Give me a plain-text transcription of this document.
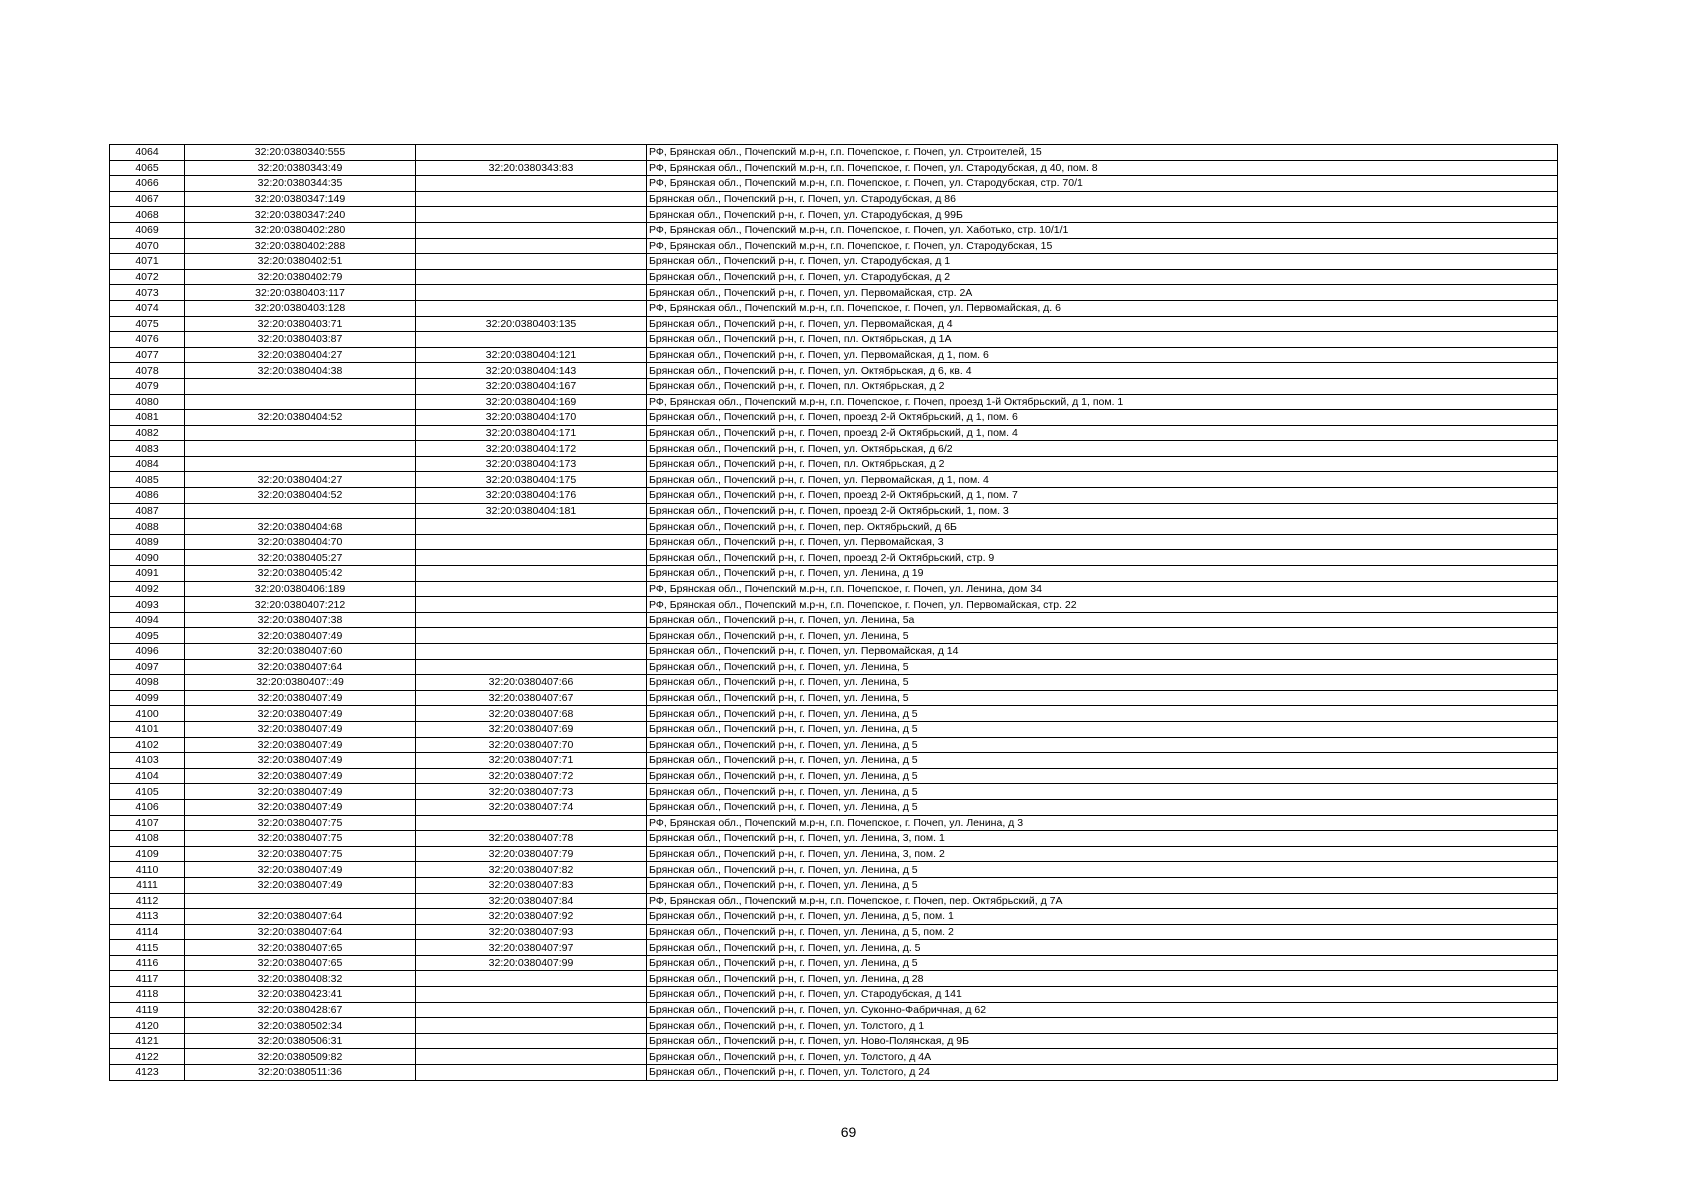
4064	32:20:0380340:555		РФ, Брянская обл., Почепский м.р-н, г.п. Почепское, г. Почеп, ул. Строителей, 15
4065	32:20:0380343:49	32:20:0380343:83	РФ, Брянская обл., Почепский м.р-н, г.п. Почепское, г. Почеп, ул. Стародубская, д 40, пом. 8
4066	32:20:0380344:35		РФ, Брянская обл., Почепский м.р-н, г.п. Почепское, г. Почеп, ул. Стародубская, стр. 70/1
4067	32:20:0380347:149		Брянская обл., Почепский р-н, г. Почеп, ул. Стародубская, д 86
4068	32:20:0380347:240		Брянская обл., Почепский р-н, г. Почеп, ул. Стародубская, д 99Б
4069	32:20:0380402:280		РФ, Брянская обл., Почепский м.р-н, г.п. Почепское, г. Почеп, ул. Хаботько, стр. 10/1/1
4070	32:20:0380402:288		РФ, Брянская обл., Почепский м.р-н, г.п. Почепское, г. Почеп, ул. Стародубская, 15
4071	32:20:0380402:51		Брянская обл., Почепский р-н, г. Почеп, ул. Стародубская, д 1
4072	32:20:0380402:79		Брянская обл., Почепский р-н, г. Почеп, ул. Стародубская, д 2
4073	32:20:0380403:117		Брянская обл., Почепский р-н, г. Почеп, ул. Первомайская, стр. 2А
4074	32:20:0380403:128		РФ, Брянская обл., Почепский м.р-н, г.п. Почепское, г. Почеп, ул. Первомайская, д. 6
4075	32:20:0380403:71	32:20:0380403:135	Брянская обл., Почепский р-н, г. Почеп, ул. Первомайская, д 4
4076	32:20:0380403:87		Брянская обл., Почепский р-н, г. Почеп, пл. Октябрьская, д 1А
4077	32:20:0380404:27	32:20:0380404:121	Брянская обл., Почепский р-н, г. Почеп, ул. Первомайская, д 1, пом. 6
4078	32:20:0380404:38	32:20:0380404:143	Брянская обл., Почепский р-н, г. Почеп, ул. Октябрьская, д 6, кв. 4
4079		32:20:0380404:167	Брянская обл., Почепский р-н, г. Почеп, пл. Октябрьская, д 2
4080		32:20:0380404:169	РФ, Брянская обл., Почепский м.р-н, г.п. Почепское, г. Почеп, проезд 1-й Октябрьский, д 1, пом. 1
4081	32:20:0380404:52	32:20:0380404:170	Брянская обл., Почепский р-н, г. Почеп, проезд 2-й Октябрьский, д 1, пом. 6
4082		32:20:0380404:171	Брянская обл., Почепский р-н, г. Почеп, проезд 2-й Октябрьский, д 1, пом. 4
4083		32:20:0380404:172	Брянская обл., Почепский р-н, г. Почеп, ул. Октябрьская, д 6/2
4084		32:20:0380404:173	Брянская обл., Почепский р-н, г. Почеп, пл. Октябрьская, д 2
4085	32:20:0380404:27	32:20:0380404:175	Брянская обл., Почепский р-н, г. Почеп, ул. Первомайская, д 1, пом. 4
4086	32:20:0380404:52	32:20:0380404:176	Брянская обл., Почепский р-н, г. Почеп, проезд 2-й Октябрьский, д 1, пом. 7
4087		32:20:0380404:181	Брянская обл., Почепский р-н, г. Почеп, проезд 2-й Октябрьский, 1, пом. 3
4088	32:20:0380404:68		Брянская обл., Почепский р-н, г. Почеп, пер. Октябрьский, д 6Б
4089	32:20:0380404:70		Брянская обл., Почепский р-н, г. Почеп, ул. Первомайская, 3
4090	32:20:0380405:27		Брянская обл., Почепский р-н, г. Почеп, проезд 2-й Октябрьский, стр. 9
4091	32:20:0380405:42		Брянская обл., Почепский р-н, г. Почеп, ул. Ленина, д 19
4092	32:20:0380406:189		РФ, Брянская обл., Почепский м.р-н, г.п. Почепское, г. Почеп, ул. Ленина, дом 34
4093	32:20:0380407:212		РФ, Брянская обл., Почепский м.р-н, г.п. Почепское, г. Почеп, ул. Первомайская, стр. 22
4094	32:20:0380407:38		Брянская обл., Почепский р-н, г. Почеп, ул. Ленина, 5а
4095	32:20:0380407:49		Брянская обл., Почепский р-н, г. Почеп, ул. Ленина, 5
4096	32:20:0380407:60		Брянская обл., Почепский р-н, г. Почеп, ул. Первомайская, д 14
4097	32:20:0380407:64		Брянская обл., Почепский р-н, г. Почеп, ул. Ленина, 5
4098	32:20:0380407::49	32:20:0380407:66	Брянская обл., Почепский р-н, г. Почеп, ул. Ленина, 5
4099	32:20:0380407:49	32:20:0380407:67	Брянская обл., Почепский р-н, г. Почеп, ул. Ленина, 5
4100	32:20:0380407:49	32:20:0380407:68	Брянская обл., Почепский р-н, г. Почеп, ул. Ленина, д 5
4101	32:20:0380407:49	32:20:0380407:69	Брянская обл., Почепский р-н, г. Почеп, ул. Ленина, д 5
4102	32:20:0380407:49	32:20:0380407:70	Брянская обл., Почепский р-н, г. Почеп, ул. Ленина, д 5
4103	32:20:0380407:49	32:20:0380407:71	Брянская обл., Почепский р-н, г. Почеп, ул. Ленина, д 5
4104	32:20:0380407:49	32:20:0380407:72	Брянская обл., Почепский р-н, г. Почеп, ул. Ленина, д 5
4105	32:20:0380407:49	32:20:0380407:73	Брянская обл., Почепский р-н, г. Почеп, ул. Ленина, д 5
4106	32:20:0380407:49	32:20:0380407:74	Брянская обл., Почепский р-н, г. Почеп, ул. Ленина, д 5
4107	32:20:0380407:75		РФ, Брянская обл., Почепский м.р-н, г.п. Почепское, г. Почеп, ул. Ленина, д 3
4108	32:20:0380407:75	32:20:0380407:78	Брянская обл., Почепский р-н, г. Почеп, ул. Ленина, 3, пом. 1
4109	32:20:0380407:75	32:20:0380407:79	Брянская обл., Почепский р-н, г. Почеп, ул. Ленина, 3, пом. 2
4110	32:20:0380407:49	32:20:0380407:82	Брянская обл., Почепский р-н, г. Почеп, ул. Ленина, д 5
4111	32:20:0380407:49	32:20:0380407:83	Брянская обл., Почепский р-н, г. Почеп, ул. Ленина, д 5
4112		32:20:0380407:84	РФ, Брянская обл., Почепский м.р-н, г.п. Почепское, г. Почеп, пер. Октябрьский, д 7А
4113	32:20:0380407:64	32:20:0380407:92	Брянская обл., Почепский р-н, г. Почеп, ул. Ленина, д 5, пом. 1
4114	32:20:0380407:64	32:20:0380407:93	Брянская обл., Почепский р-н, г. Почеп, ул. Ленина, д 5, пом. 2
4115	32:20:0380407:65	32:20:0380407:97	Брянская обл., Почепский р-н, г. Почеп, ул. Ленина, д. 5
4116	32:20:0380407:65	32:20:0380407:99	Брянская обл., Почепский р-н, г. Почеп, ул. Ленина, д 5
4117	32:20:0380408:32		Брянская обл., Почепский р-н, г. Почеп, ул. Ленина, д 28
4118	32:20:0380423:41		Брянская обл., Почепский р-н, г. Почеп, ул. Стародубская, д 141
4119	32:20:0380428:67		Брянская обл., Почепский р-н, г. Почеп, ул. Суконно-Фабричная, д 62
4120	32:20:0380502:34		Брянская обл., Почепский р-н, г. Почеп, ул. Толстого, д 1
4121	32:20:0380506:31		Брянская обл., Почепский р-н, г. Почеп, ул. Ново-Полянская, д 9Б
4122	32:20:0380509:82		Брянская обл., Почепский р-н, г. Почеп, ул. Толстого, д 4А
4123	32:20:0380511:36		Брянская обл., Почепский р-н, г. Почеп, ул. Толстого, д 24
69
